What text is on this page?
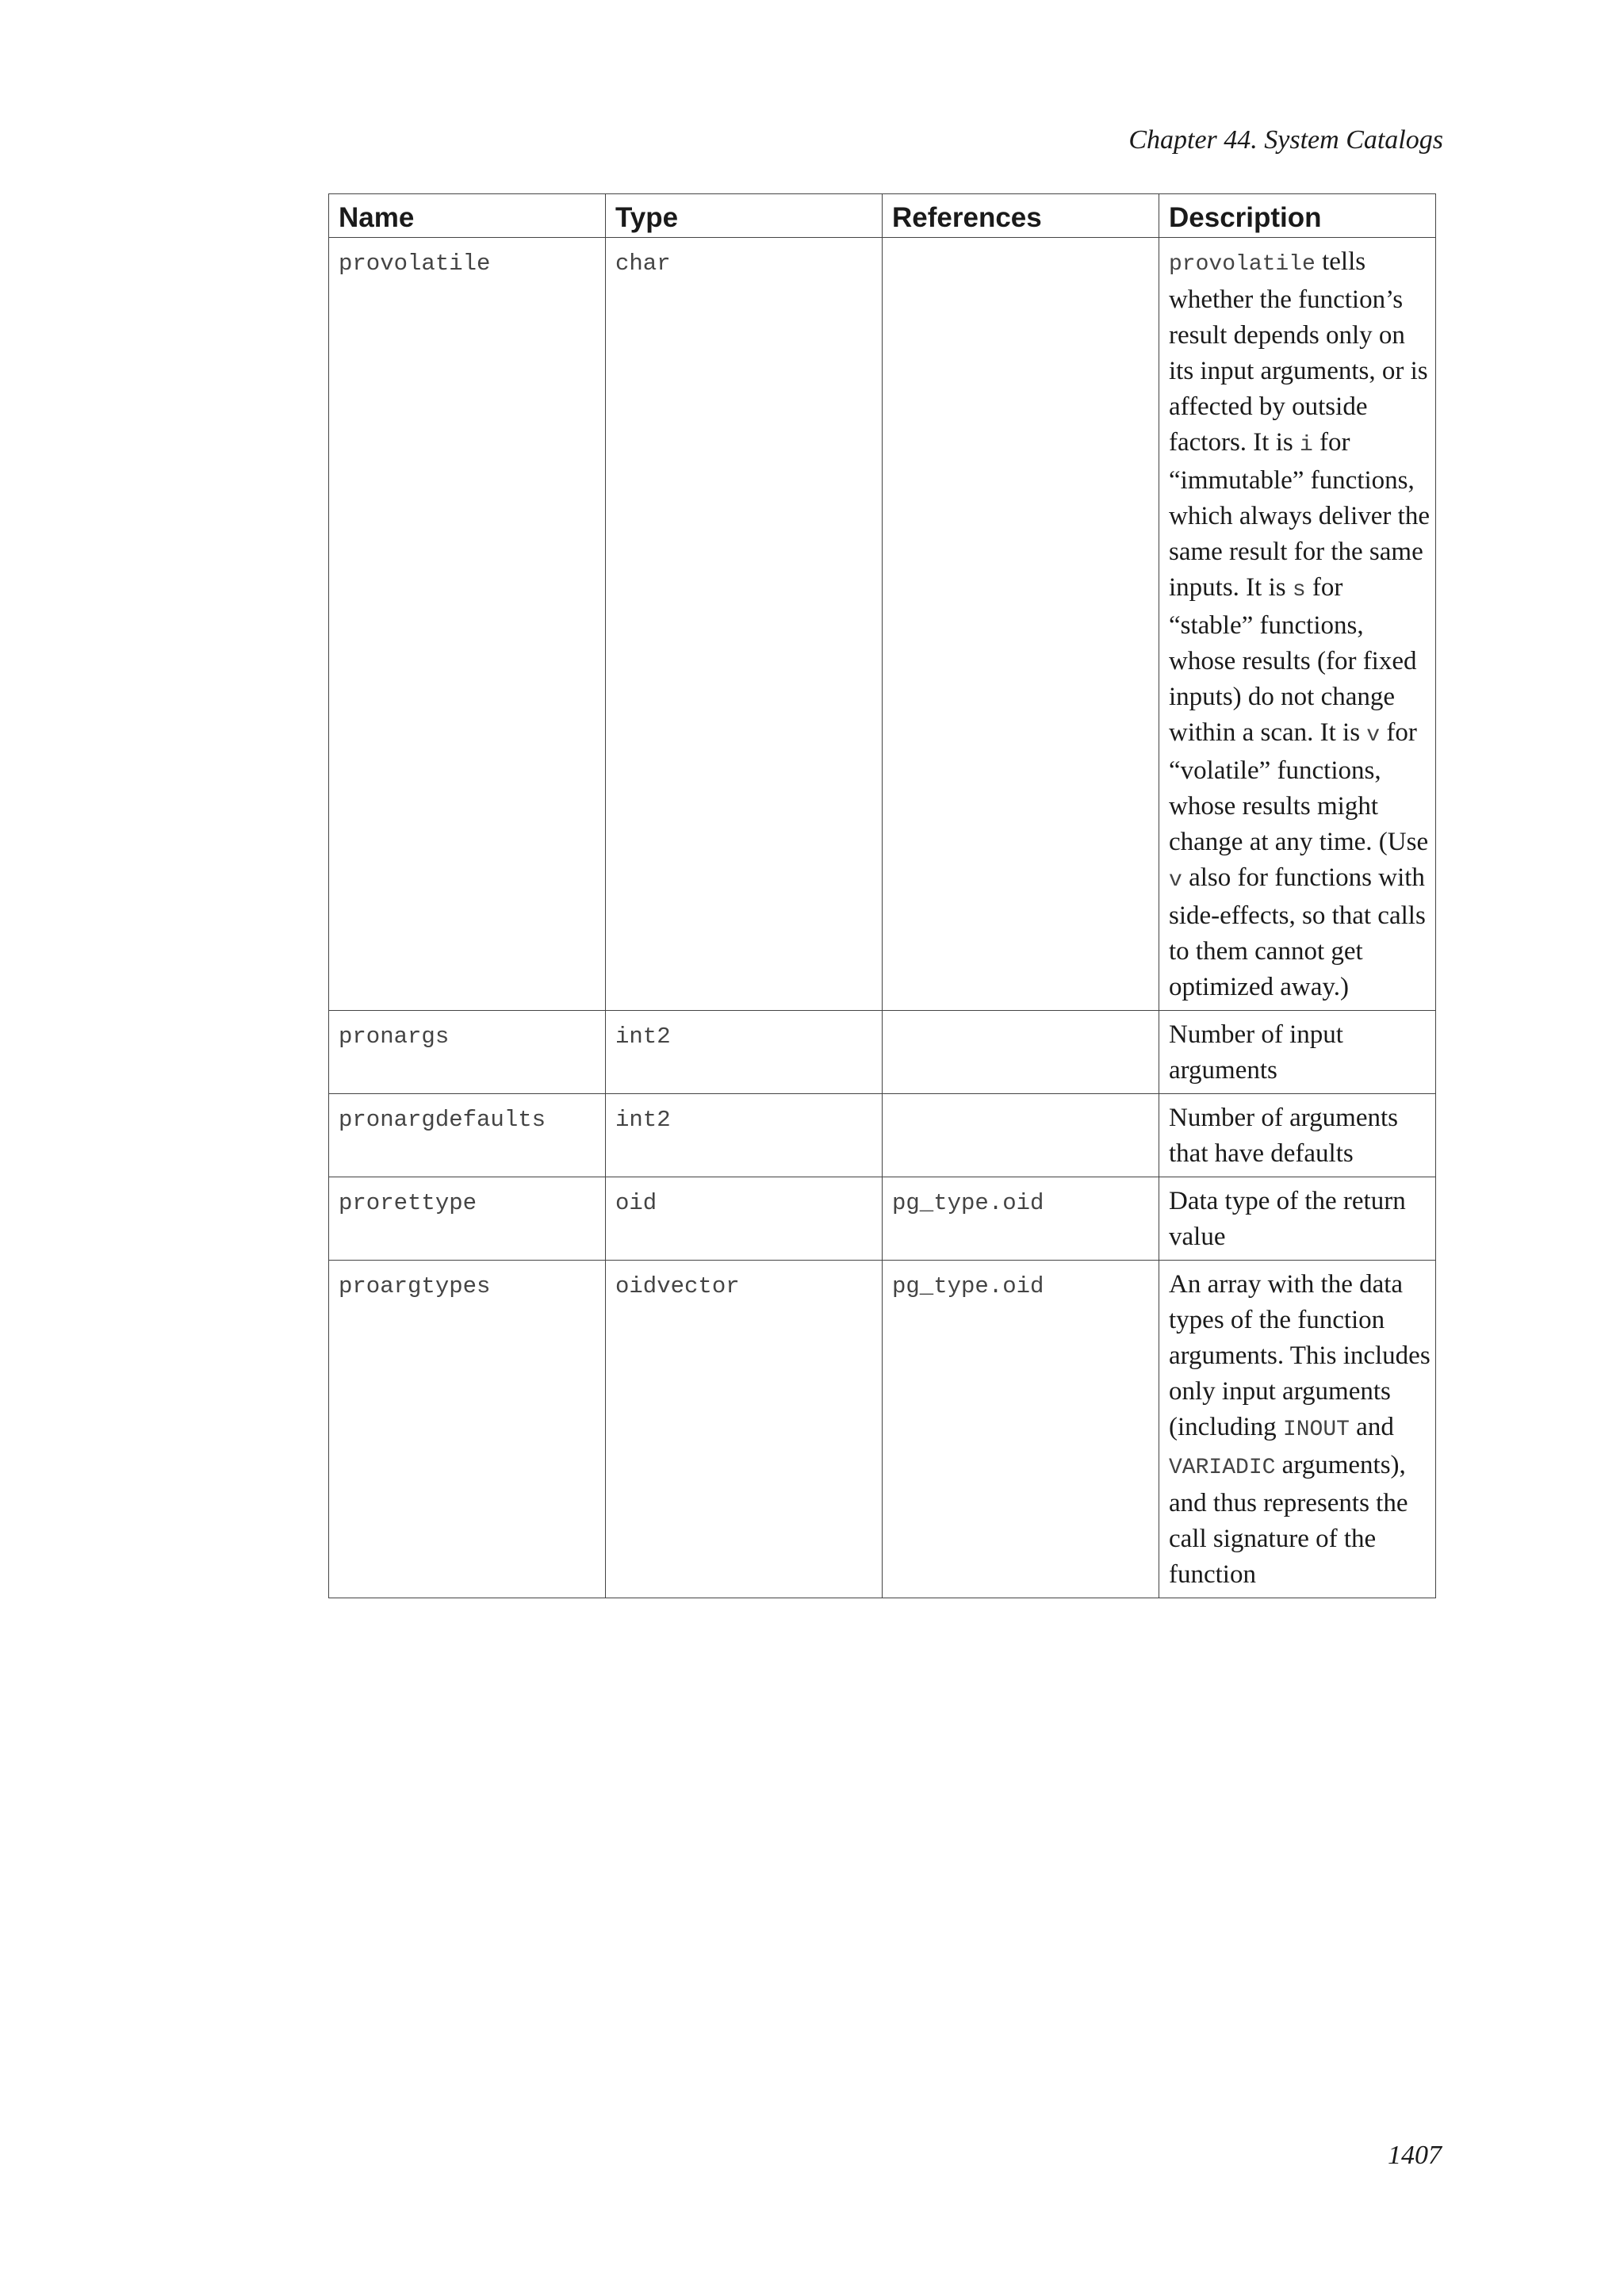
Chapter 44. System Catalogs
Name	Type	References	Description
provolatile	char		provolatile tells whether the function’s result depends only on its input arguments, or is affected by outside factors. It is i for “immutable” functions, which always deliver the same result for the same inputs. It is s for “stable” functions, whose results (for fixed inputs) do not change within a scan. It is v for “volatile” functions, whose results might change at any time. (Use v also for functions with side-effects, so that calls to them cannot get optimized away.)
pronargs	int2		Number of input arguments
pronargdefaults	int2		Number of arguments that have defaults
prorettype	oid	pg_type.oid	Data type of the return value
proargtypes	oidvector	pg_type.oid	An array with the data types of the function arguments. This includes only input arguments (including INOUT and VARIADIC arguments), and thus represents the call signature of the function
1407
